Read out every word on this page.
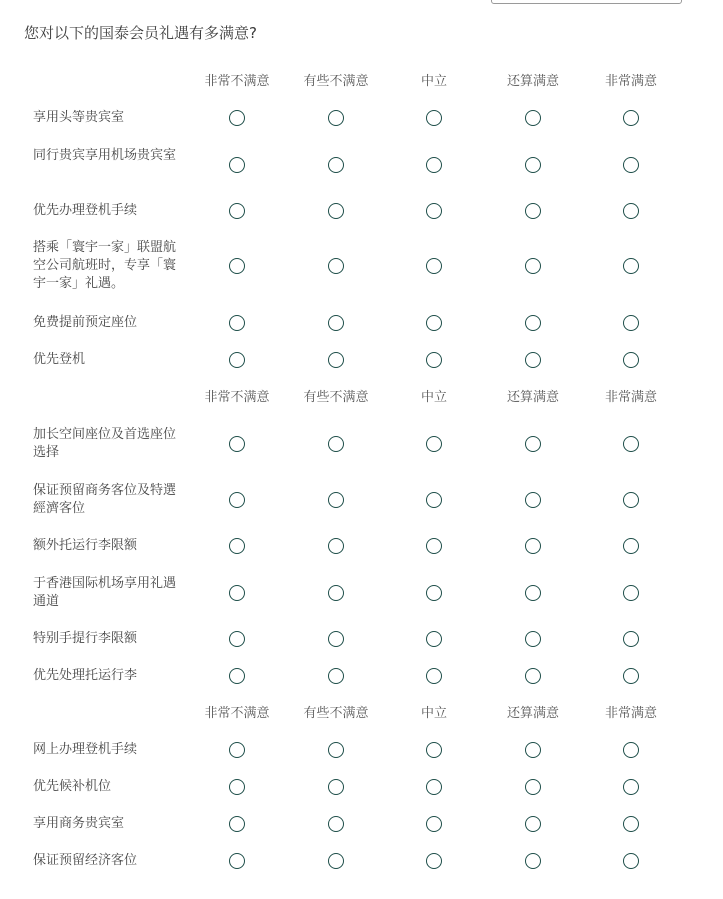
您对以下的国泰会员礼遇有多满意?
非常不满意	有些不满意	中立	还算满意	非常满意
享用头等贵宾室
同行贵宾享用机场贵宾室
优先办理登机手续
搭乘「寰宇一家」联盟航空公司航班时，专享「寰宇一家」礼遇。
免费提前预定座位
优先登机
非常不满意	有些不满意	中立	还算满意	非常满意
加长空间座位及首选座位选择
保证预留商务客位及特選經濟客位
额外托运行李限额
于香港国际机场享用礼遇通道
特别手提行李限额
优先处理托运行李
非常不满意	有些不满意	中立	还算满意	非常满意
网上办理登机手续
优先候补机位
享用商务贵宾室
保证预留经济客位
